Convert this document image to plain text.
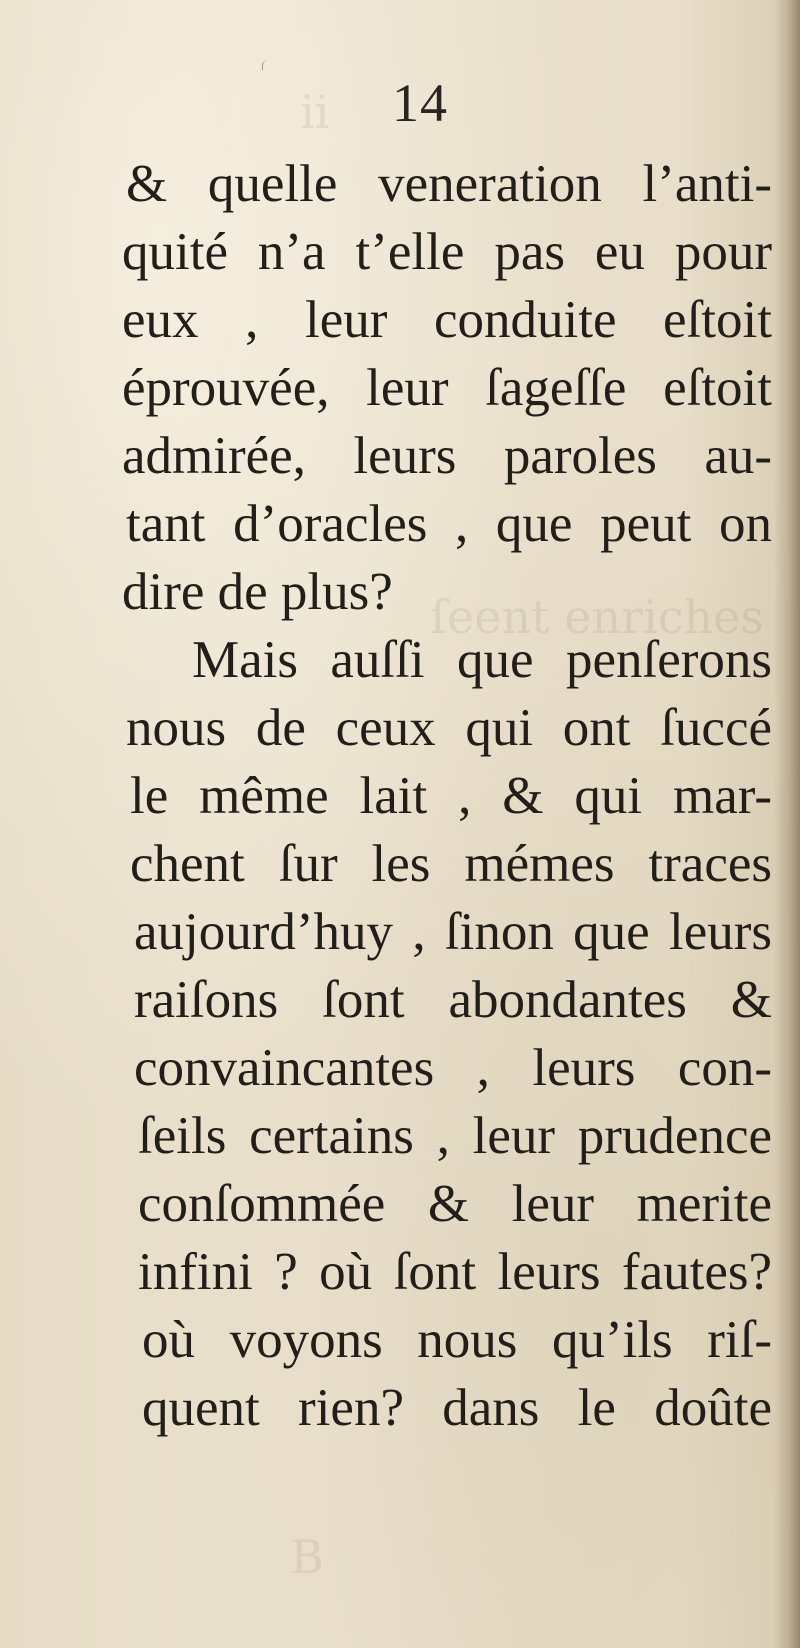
ii

ſeent enriches
B
14
& quelle veneration l’anti-
quité n’a t’elle pas eu pour
eux , leur conduite eſtoit
éprouvée, leur ſageſſe eſtoit
admirée, leurs paroles au-
tant d’oracles , que peut on
dire de plus?
Mais auſſi que penſerons
nous de ceux qui ont ſuccé
le même lait , & qui mar-
chent ſur les mémes traces
aujourd’huy , ſinon que leurs
raiſons ſont abondantes &
convaincantes , leurs con-
ſeils certains , leur prudence
conſommée & leur merite
infini ? où ſont leurs fautes?
où voyons nous qu’ils riſ-
quent rien? dans le doûte
